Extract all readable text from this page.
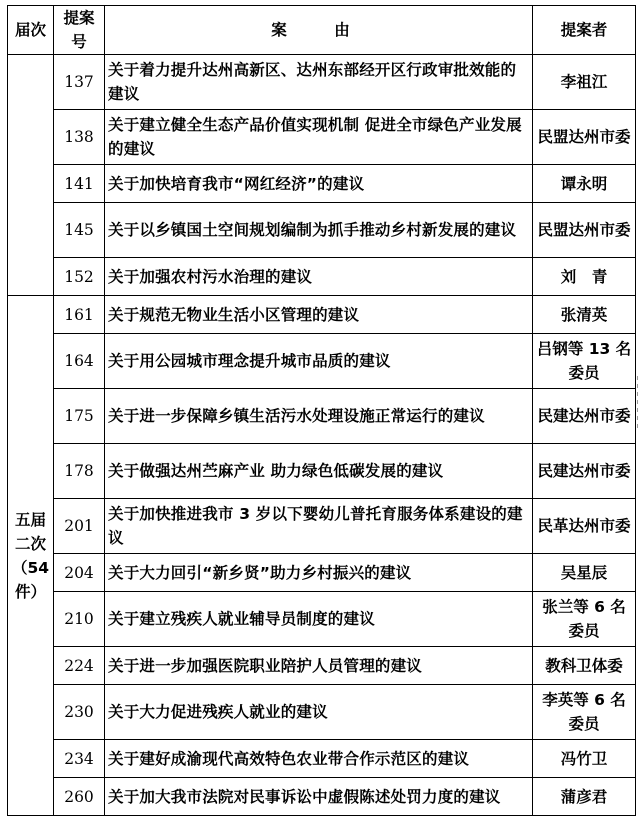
届次	提案号	案　由	提案者
	137	关于着力提升达州高新区、达州东部经开区行政审批效能的建议	李祖江
	138	关于建立健全生态产品价值实现机制 促进全市绿色产业发展的建议	民盟达州市委
	141	关于加快培育我市“网红经济”的建议	谭永明
	145	关于以乡镇国土空间规划编制为抓手推动乡村新发展的建议	民盟达州市委
	152	关于加强农村污水治理的建议	刘　青
五届二次（54件）	161	关于规范无物业生活小区管理的建议	张清英
	164	关于用公园城市理念提升城市品质的建议	吕钢等 13 名委员
	175	关于进一步保障乡镇生活污水处理设施正常运行的建议	民建达州市委
	178	关于做强达州苎麻产业 助力绿色低碳发展的建议	民建达州市委
	201	关于加快推进我市 3 岁以下婴幼儿普托育服务体系建设的建议	民革达州市委
	204	关于大力回引“新乡贤”助力乡村振兴的建议	吴星辰
	210	关于建立残疾人就业辅导员制度的建议	张兰等 6 名委员
	224	关于进一步加强医院职业陪护人员管理的建议	教科卫体委
	230	关于大力促进残疾人就业的建议	李英等 6 名委员
	234	关于建好成渝现代高效特色农业带合作示范区的建议	冯竹卫
	260	关于加大我市法院对民事诉讼中虚假陈述处罚力度的建议	蒲彦君
